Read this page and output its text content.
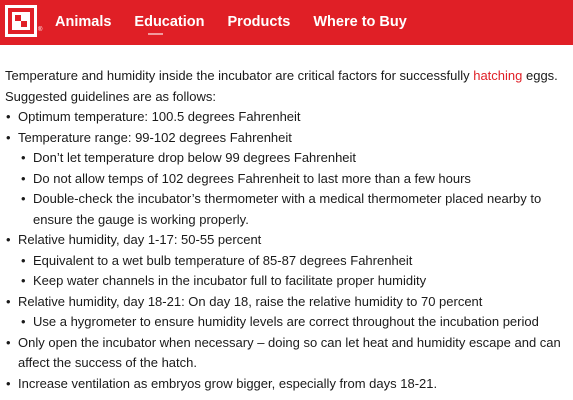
® Animals Education Products Where to Buy

Temperature and humidity inside the incubator are critical factors for successfully hatching eggs. Suggested guidelines are as follows:

• Optimum temperature: 100.5 degrees Fahrenheit
• Temperature range: 99-102 degrees Fahrenheit
• Don’t let temperature drop below 99 degrees Fahrenheit
• Do not allow temps of 102 degrees Fahrenheit to last more than a few hours
• Double-check the incubator’s thermometer with a medical thermometer placed nearby to ensure the gauge is working properly.
• Relative humidity, day 1-17: 50-55 percent
• Equivalent to a wet bulb temperature of 85-87 degrees Fahrenheit
• Keep water channels in the incubator full to facilitate proper humidity
• Relative humidity, day 18-21: On day 18, raise the relative humidity to 70 percent
• Use a hygrometer to ensure humidity levels are correct throughout the incubation period
• Only open the incubator when necessary – doing so can let heat and humidity escape and can affect the success of the hatch.
• Increase ventilation as embryos grow bigger, especially from days 18-21.
